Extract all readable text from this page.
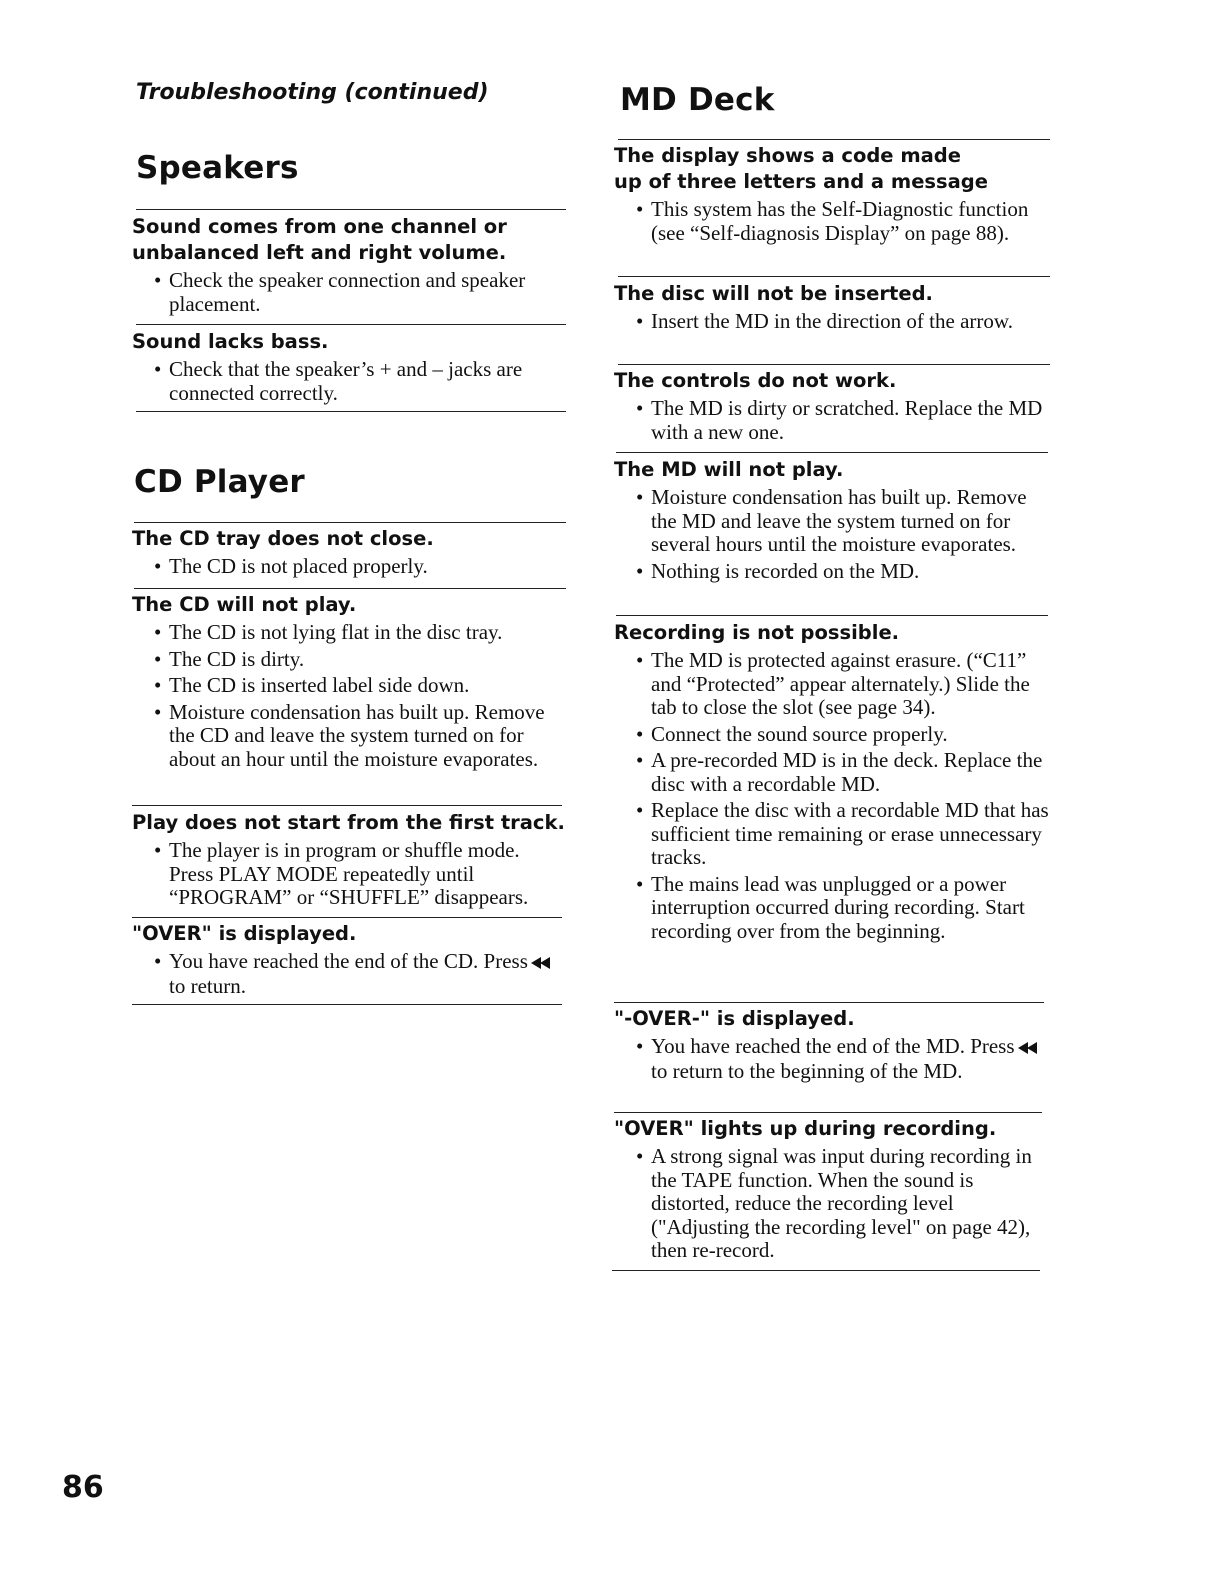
Troubleshooting (continued)

Speakers

Sound comes from one channel or unbalanced left and right volume.

• Check the speaker connection and speaker placement.

Sound lacks bass.

• Check that the speaker’s + and – jacks are connected correctly.
CD Player

The CD tray does not close.

• The CD is not placed properly.

The CD will not play.

• The CD is not lying flat in the disc tray.
• The CD is dirty.
• The CD is inserted label side down.
• Moisture condensation has built up. Remove the CD and leave the system turned on for about an hour until the moisture evaporates.

Play does not start from the first track.

• The player is in program or shuffle mode. Press PLAY MODE repeatedly until “PROGRAM” or “SHUFFLE” disappears.

"OVER" is displayed.

• You have reached the end of the CD. Pressto return.
MD Deck

The display shows a code made up of three letters and a message

• This system has the Self-Diagnostic function (see “Self-diagnosis Display” on page 88).

The disc will not be inserted.

• Insert the MD in the direction of the arrow.

The controls do not work.

• The MD is dirty or scratched. Replace the MD with a new one.

The MD will not play.

• Moisture condensation has built up. Remove the MD and leave the system turned on for several hours until the moisture evaporates.
• Nothing is recorded on the MD.

Recording is not possible.

• The MD is protected against erasure. (“C11” and “Protected” appear alternately.) Slide the tab to close the slot (see page 34).
• Connect the sound source properly.
• A pre-recorded MD is in the deck. Replace the disc with a recordable MD.
• Replace the disc with a recordable MD that has sufficient time remaining or erase unnecessary tracks.
• The mains lead was unplugged or a power interruption occurred during recording. Start recording over from the beginning.

"-OVER-" is displayed.

• You have reached the end of the MD. Pressto return to the beginning of the MD.

"OVER" lights up during recording.

• A strong signal was input during recording in the TAPE function. When the sound is distorted, reduce the recording level ("Adjusting the recording level" on page 42), then re-record.

86
